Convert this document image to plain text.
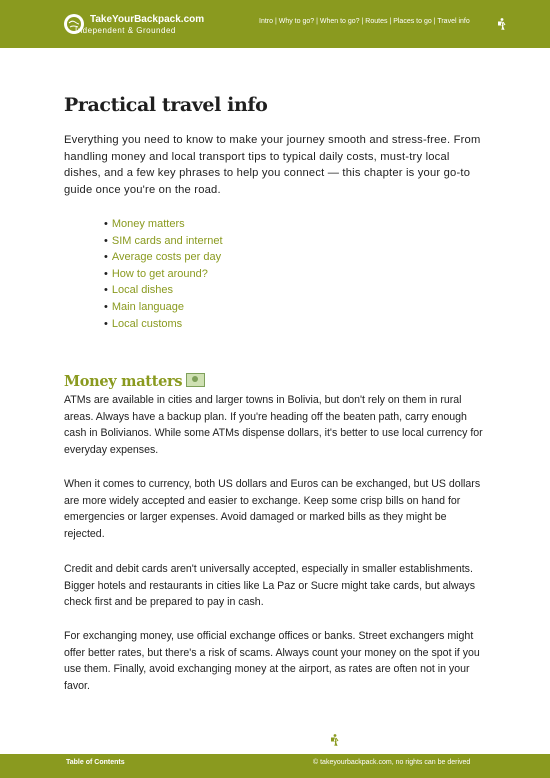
TakeYourBackpack.com
Independent & Grounded
Intro | Why to go? | When to go? | Routes | Places to go | Travel info
Practical travel info

Everything you need to know to make your journey smooth and stress-free. From handling money and local transport tips to typical daily costs, must-try local dishes, and a few key phrases to help you connect — this chapter is your go-to guide once you're on the road.

• Money matters
• SIM cards and internet
• Average costs per day
• How to get around?
• Local dishes
• Main language
• Local customs
Money matters

ATMs are available in cities and larger towns in Bolivia, but don't rely on them in rural areas. Always have a backup plan. If you're heading off the beaten path, carry enough cash in Bolivianos. While some ATMs dispense dollars, it's better to use local currency for everyday expenses.

When it comes to currency, both US dollars and Euros can be exchanged, but US dollars are more widely accepted and easier to exchange. Keep some crisp bills on hand for emergencies or larger expenses. Avoid damaged or marked bills as they might be rejected.

Credit and debit cards aren't universally accepted, especially in smaller establishments. Bigger hotels and restaurants in cities like La Paz or Sucre might take cards, but always check first and be prepared to pay in cash.

For exchanging money, use official exchange offices or banks. Street exchangers might offer better rates, but there's a risk of scams. Always count your money on the spot if you use them. Finally, avoid exchanging money at the airport, as rates are often not in your favor.

Table of Contents	© takeyourbackpack.com, no rights can be derived
